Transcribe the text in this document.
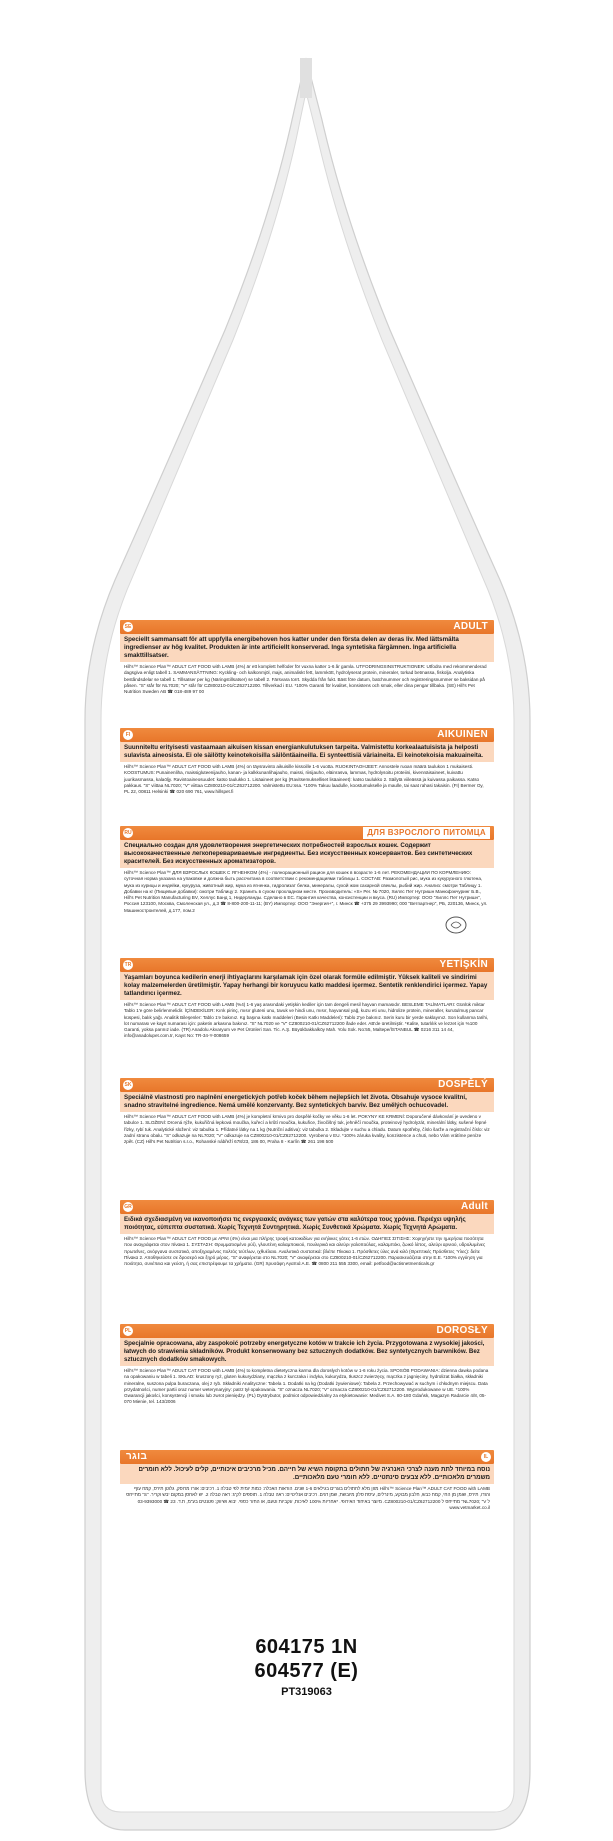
SE	ADULT
Speciellt sammansatt för att uppfylla energibehoven hos katter under den första delen av deras liv. Med lättsmälta ingredienser av hög kvalitet. Produkten är inte artificiellt konserverad. Inga syntetiska färgämnen. Inga artificiella smakttillsatser.
Hill's™ Science Plan™ ADULT CAT FOOD with LAMB (4%) är ett komplett helfoder för vuxna katter 1-6 år gamla. UTFODRINGSINSTRUKTIONER: Utfodra med rekommenderad dagsgiva enligt tabell 1. SAMMANSÄTTNING: Kyckling- och kalkonmjöl, majs, animaliskt fett, lammkött, hydrolyserat protein, mineraler, torkad betmassa, fiskolja. Analytiska beståndsdelar se tabell 1. Tillsatser per kg (Näringstillsatser) se tabell 2. Färsvara torrt. Skydda från fukt. Bäst före datum, batchnummer och registreringsnummer se baksidan på påsen. "S" står för NL7020; "V" står för CZ800210-01/CZ62712200. Tillverkad i EU. *100% Garanti för kvalitet, konsistens och smak, eller dina pengar tillbaka. (SE) Hill's Pet Nutrition Sweden AB ☎ 018-489 97 00
FI	AIKUINEN
Suunniteltu erityisesti vastaamaan aikuisen kissan energiankulutuksen tarpeita. Valmistettu korkealaatuisista ja helposti sulavista aineosista. Ei ole säilötty keinotekoisilla säilöntäaineilla. Ei synteettisiä väriaineita. Ei keinotekoisia makuaineita.
Hill's™ Science Plan™ ADULT CAT FOOD with LAMB (4%) on täysravinto aikuisille kissoille 1-6 vuotta. RUOKINTAOHJEET: Annostele ruoan määrä taulukon 1 mukaisesti. KOOSTUMUS: Punainenliha, maissigluteenijauho, kanan- ja kalkkunanlihajauho, maissi, riisijauho, eläinrasva, lammas, hydrolysoitu proteiini, kivennäisaineet, kuivattu juurikasmassa, kalaöljy. Ravintoaineosuudet: katso taulukko 1. Lisäaineet per kg (Ravitsemukselliset lisäaineet): katso taulukko 2. Säilytä viileässä ja kuivassa paikassa. Katso pakkaus. "S" viittaa NL7020; "V" viittaa CZ800210-01/CZ62712200. Valmistettu EU:ssa. *100% Takuu laadulle, koostumukselle ja maulle, tai saat rahasi takaisin. (FI) Bermer Oy, PL 22, 00811 Helsinki ☎ 020 690 761, www.hillspet.fi
RU	ДЛЯ ВЗРОСЛОГО ПИТОМЦА
Специально создан для удовлетворения энергетических потребностей взрослых кошек. Содержит высококачественные легкоперевариваемые ингредиенты. Без искусственных консервантов. Без синтетических красителей. Без искусственных ароматизаторов.
Hill's™ Science Plan™ ДЛЯ ВЗРОСЛЫХ КОШЕК С ЯГНЕНКОМ (4%) - полнорационный рацион для кошек в возрасте 1-6 лет. РЕКОМЕНДАЦИИ ПО КОРМЛЕНИЮ: суточная норма указана на упаковке и должна быть рассчитана в соответствии с рекомендациями таблицы 1. СОСТАВ: Размолотый рис, мука из кукурузного глютена, мука из курицы и индейки, кукуруза, животный жир, мука из ягненка, гидролизат белка, минералы, сухой жом сахарной свеклы, рыбий жир. Анализ: смотри Таблицу 1. Добавки на кг (Пищевые добавки): смотри Таблицу 2. Хранить в сухом прохладном месте. Производитель: «S» Рег. № 7020, Хиллс Пет Нутришн Манюфэкчуринг Б.В., Hill's Pet Nutrition Manufacturing BV, Хеллус Банд 1, Нидерланды. Сделано в ЕС. Гарантия качества, консистенции и вкуса. (RU) Импортер: ООО "Хиллс Пет Нутришн", Россия 123100, Москва, Смоленская ул., д.3 ☎ 8-800-200-11-11; (BY) Импортер: ООО "Энергия+", г. Минск ☎ +375 29 3993990; 000 "Ветпартнер", РБ, 220136, Минск, ул. Машиностроителей, д.177, пом.2
TR	YETİŞKİN
Yaşamları boyunca kedilerin enerji ihtiyaçlarını karşılamak için özel olarak formüle edilmiştir. Yüksek kaliteli ve sindirimi kolay malzemelerden üretilmiştir. Yapay herhangi bir koruyucu katkı maddesi içermez. Sentetik renklendirici içermez. Yapay tatlandırıcı içermez.
Hill's™ Science Plan™ ADULT CAT FOOD with LAMB (%4) 1-6 yaş arasındaki yetişkin kediler için tam dengeli mesil hayvan mamasıdır. BESLEME TALİMATLARI: Günlük miktar Tablo 1'e göre belirlenmelidir. İÇİNDEKİLER: Kırık pirinç, mısır gluteni unu, tavuk ve hindi unu, mısır, hayvansal yağ, kuzu eti unu, hidrolize protein, mineraller, kurutulmuş pancar küspesi, balık yağı. Analitik Bileşenler: Tablo 1'e bakınız. Kg başına katkı maddeleri (Besin Katkı Maddeleri): Tablo 2'ye bakınız. Serin kuru bir yerde saklayınız. Son kullanma tarihi, lot numarası ve kayıt numarası için: paketin arkasına bakınız. "S" NL7020 ve "V" CZ800210-01/CZ62712200 ifade eder. AB'de üretilmiştir. *Kalite, tutarlılık ve lezzet için %100 Garanti, yoksa parınız iade. (TR) Anadolu Akvaryum ve Pet Ürünleri San. Tic. A.Ş. Büyükbakkalköy Mah. Yolu Sok. No:55, Maltepe/İSTANBUL ☎ 0216 311 14 44, info@anadolupet.com.tr, Kayıt No: TR-34-Y-008659
SK	DOSPĚLÝ
Speciálně vlastnosti pro naplnění energetických potřeb koček během nejlepších let života. Obsahuje vysoce kvalitní, snadno stravitelné ingredience. Nemá umělé konzervanty. Bez syntetických barviv. Bez umělých ochucovadel.
Hill's™ Science Plan™ ADULT CAT FOOD with LAMB (4%) je kompletní krmivo pro dospělé kočky ve věku 1-6 let. POKYNY KE KRMENÍ: Doporučené dávkování je uvedeno v tabulce 1. SLOŽENÍ: Drcená rýže, kukuřičná lepková moučka, kuřecí a krůtí moučka, kukuřice, živočišný tuk, jehněčí moučka, proteinový hydrolyzát, minerální látky, sušené řepné řízky, rybí tuk. Analytické složení: viz tabulka 1. Přídatné látky na 1 kg (Nutriční aditiva): viz tabulka 2. Skladujte v suchu a chladu. Datum spotřeby, číslo šarže a registrační číslo: viz zadní stranu obalu. "S" odkazuje na NL7020; "V" odkazuje na CZ800210-01/CZ62712200. Vyrobeno v EU. *100% záruka kvality, konzistence a chuti, nebo Vám vrátíme peníze zpět. (CZ) Hill's Pet Nutrition s.r.o., Rohanské nábřeží 678/23, 186 00, Praha 8 - Karlín ☎ 261 198 500
GR	Adult
Ειδικά σχεδιασμένη να ικανοποιήσει τις ενεργειακές ανάγκες των γατών στα καλύτερα τους χρόνια. Περιέχει υψηλής ποιότητας, εύπεπτα συστατικά. Χωρίς Τεχνητά Συντηρητικά. Χωρίς Συνθετικά Χρώματα. Χωρίς Τεχνητά Αρώματα.
Hill's™ Science Plan™ ADULT CAT FOOD με ΑΡΝΙ (4%) είναι μια πλήρης τροφή κατοικιδίων για ενήλικες γάτες 1-6 ετών. ΟΔΗΓΙΕΣ ΣΙΤΙΣΗΣ: Χορηγήστε την ημερήσια ποσότητα που αναγράφεται στον πίνακα 1. ΣΥΣΤΑΣΗ: Θρυμματισμένο ρύζι, γλουτένη καλαμποκιού, πουλερικά και αλεύρι γαλοπούλας, καλαμπόκι, ζωικό λίπος, αλεύρι αρνιού, υδρολυμένες πρωτεΐνες, ανόργανα συστατικά, αποξηραμένος πολτός τεύτλων, ιχθυέλαιο. Αναλυτικά συστατικά: βλέπε Πίνακα 1. Πρόσθετες ύλες ανά κιλό (Θρεπτικές Πρόσθετες Ύλες): δείτε Πίνακα 2. Αποθηκεύστε σε δροσερό και ξηρό μέρος. "S" αναφέρεται στο NL7020; "V" αναφέρεται στο CZ800210-01/CZ62712200. Παρασκευάζεται στην Ε.Ε. *100% εγγύηση για ποιότητα, συνέπεια και γεύση, ή σας επιστρέφουμε τα χρήματα. (GR) Χρυσάφη Αγαπιά Α.Ε. ☎ 0800 211 555 3300, email: petfood@actisnetmenticals.gr
PL	DOROSŁY
Specjalnie opracowana, aby zaspokoić potrzeby energetyczne kotów w trakcie ich życia. Przygotowana z wysokiej jakości, łatwych do strawienia składników. Produkt konserwowany bez sztucznych dodatków. Bez syntetycznych barwników. Bez sztucznych dodatków smakowych.
Hill's™ Science Plan™ ADULT CAT FOOD with LAMB (4%) to kompletna dietetyczna karma dla dorosłych kotów w 1-6 roku życia. SPOSÓB PODAWANIA: dzienna dawka podana na opakowaniu w tabeli 1. SKŁAD: kruszony ryż, gluten kukurydziany, mączka z kurczaka i indyka, kukurydza, tłuszcz zwierzęcy, mączka z jagnięciny, hydrolizat białka, składniki mineralne, suszona pulpa buraczana, olej z ryb. Składniki Analityczne: Tabela 1. Dodatki na kg (Dodatki żywieniowe): Tabela 2. Przechowywać w suchym i chłodnym miejscu. Data przydatności, numer partii oraz numer weterynaryjny: patrz tył opakowania. "S" oznacza NL7020; "V" oznacza CZ800210-01/CZ62712200. Wyprodukowane w UE. *100% Gwarancji jakości, konsystencji i smaku lub zwrot pieniędzy. (PL) Dystrybutor, podmiot odpowiedzialny za etykietowanie: Medivet S.A. 80-180 Gdańsk, Magazyn Radarcie 4/8, 05-070 Mienie, tel. 143/2006
IL
בוגר
נוסח במיוחד לתת מענה לצרכי האנרגיה של חתולים בתקופת השיא של חייהם. מכיל מרכיבים איכותיים, קלים לעיכול. ללא חומרים משמרים מלאכותיים. ללא צבעים סינתטיים. ללא חומרי טעם מלאכותיים.
Hill's™ Science Plan™ ADULT CAT FOOD with LAMB מזון מלא לחתולים בוגרים בגילאים 1-6 שנים. הוראות האכלה: כמות יומית לפי טבלה 1. רכיבים: אורז מרוסק, גלוטן תירס, קמח עוף והודו, תירס, שומן מן החי, קמח כבש, חלבון מבוקע, מינרלים, עיסת סלק מיובשת, שמן דגים. רכיבים אנליטיים: ראה טבלה 1. תוספים לק"ג: ראה טבלה 2. יש לאחסן במקום יבש וקריר. "S" מתייחס ל NL7020; "V" מתייחס ל CZ800210-01/CZ62712200. מיוצר באיחוד האירופי. *אחריות 100% לאיכות, עקביות וטעם, או החזר כספי. יבוא ושיווק: פטנטים בע"מ, ת.ד. 23 ☎ 03-9393000 www.vetmarket.co.il
604175 1N
604577 (E)
PT319063
